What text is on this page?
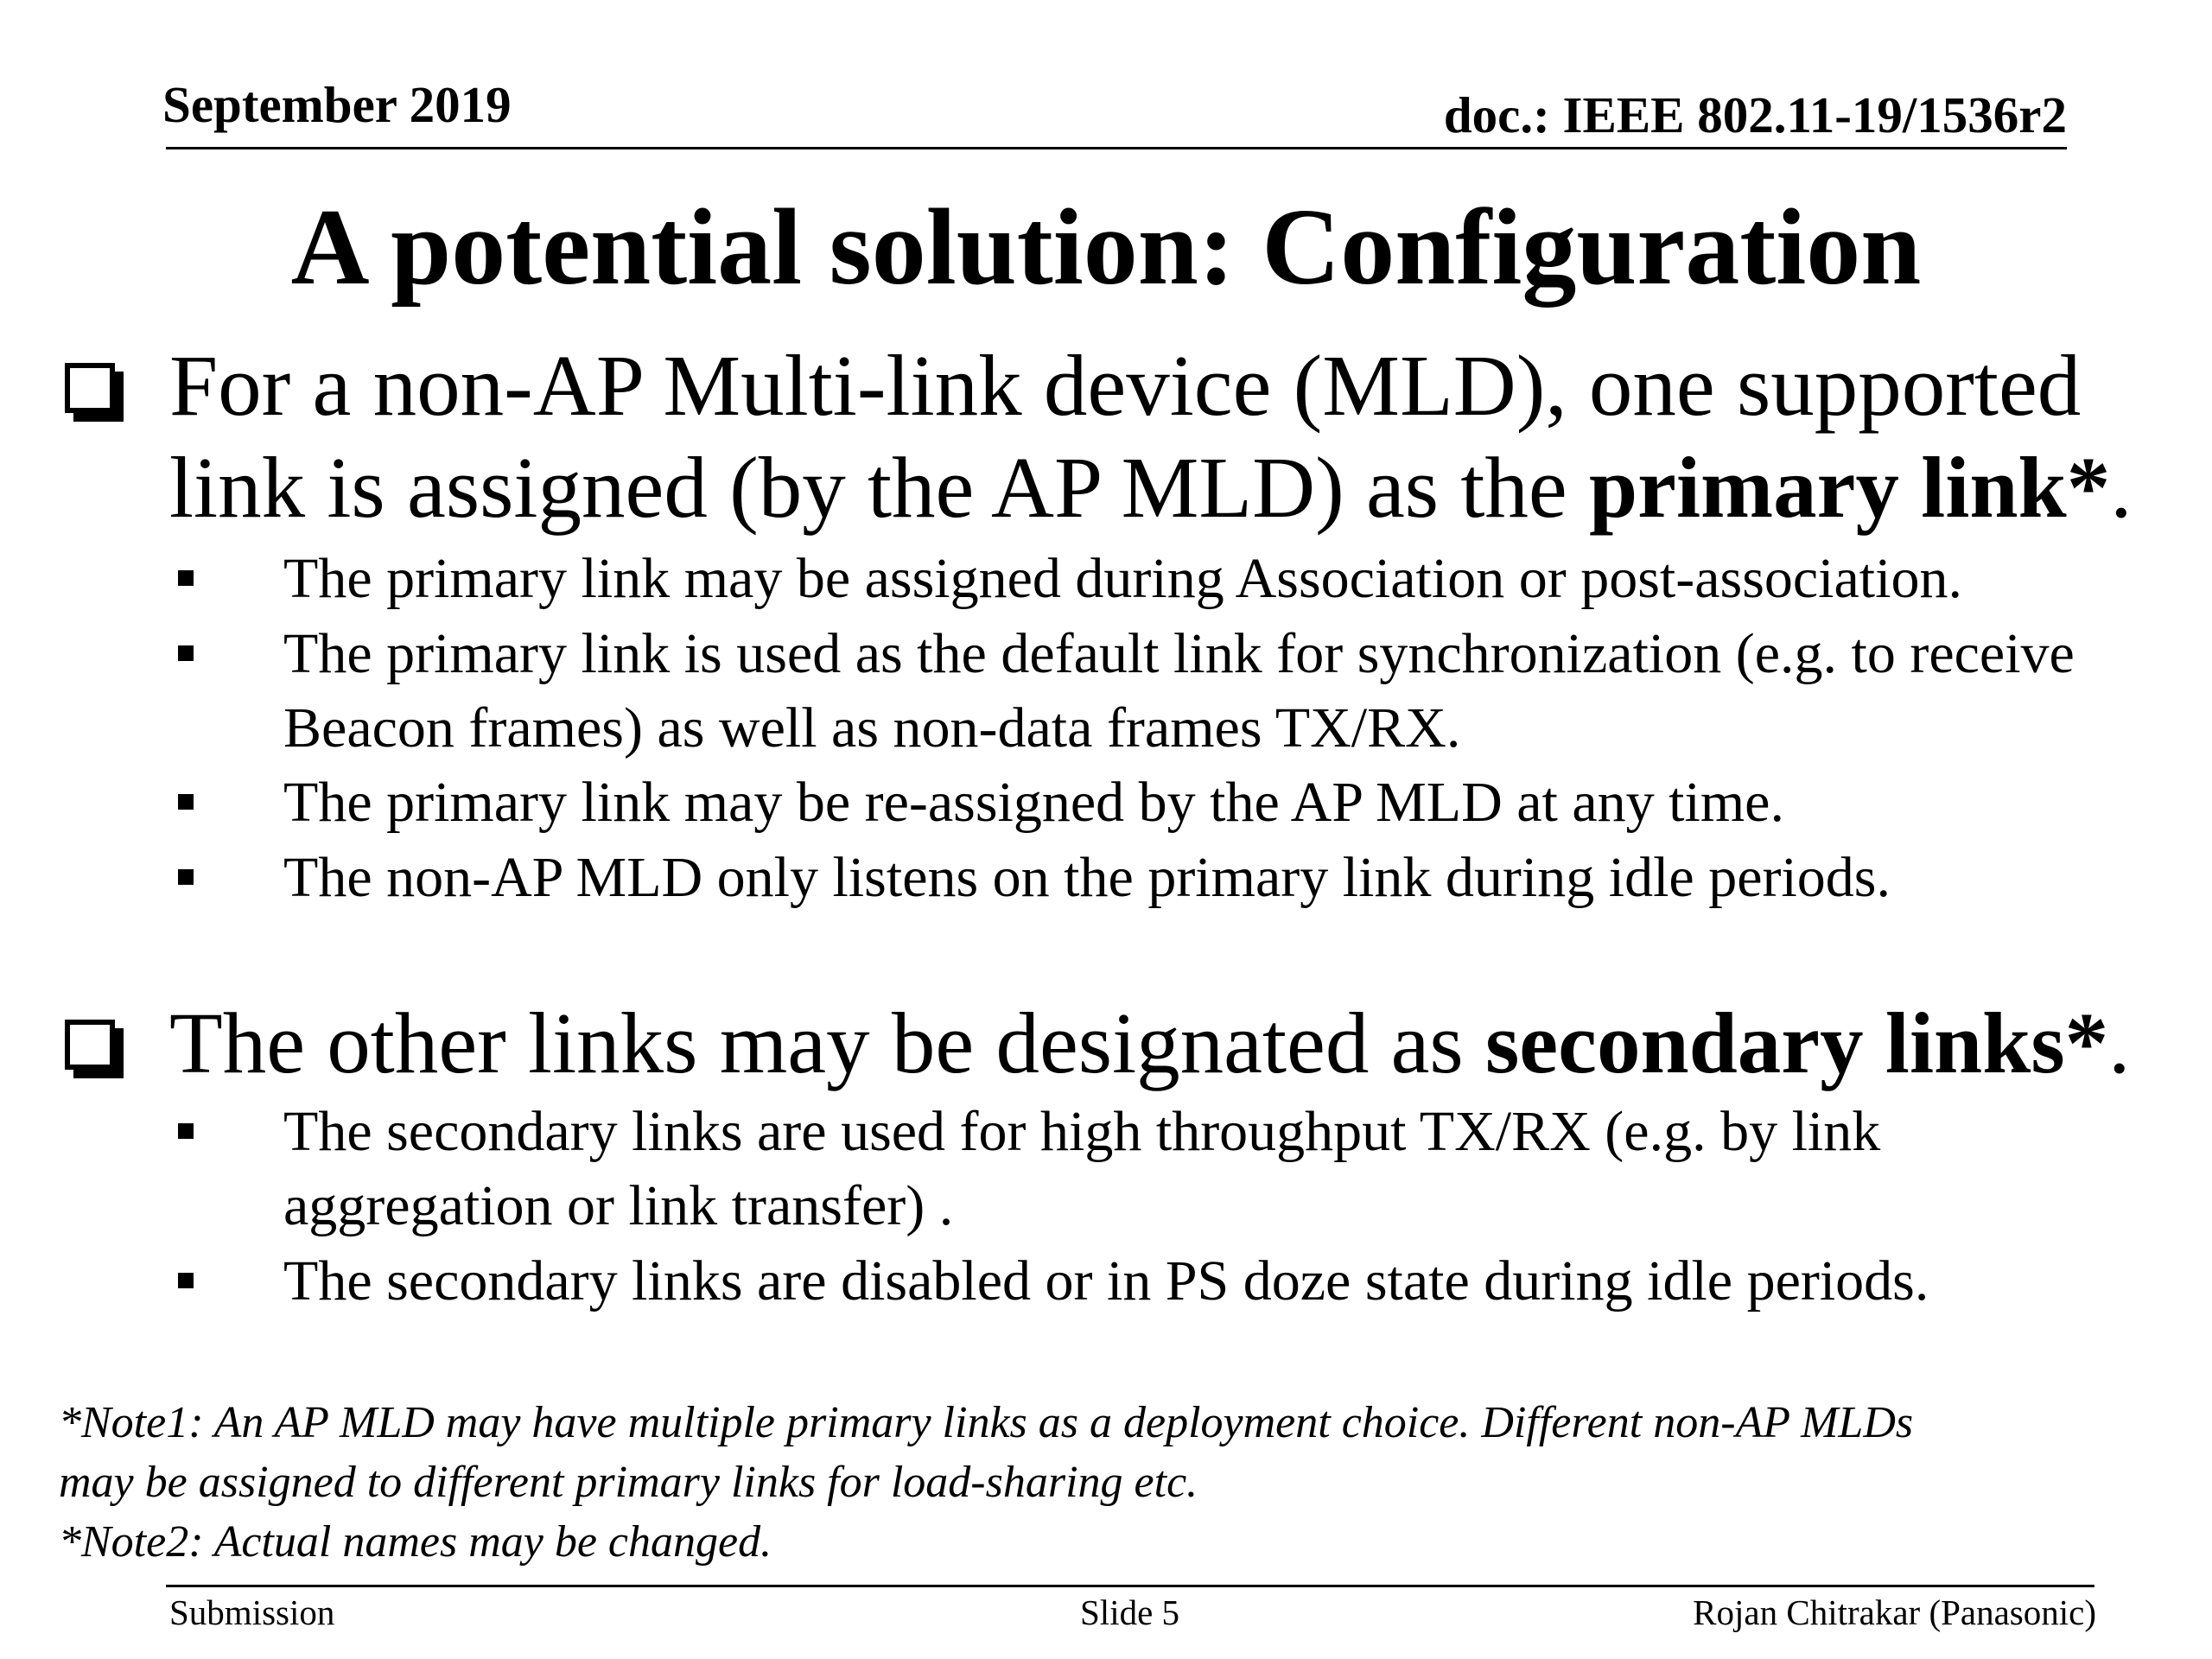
September 2019	doc.: IEEE 802.11-19/1536r2
A potential solution: Configuration
For a non-AP Multi-link device (MLD), one supported
link is assigned (by the AP MLD) as the primary link*.
The primary link may be assigned during Association or post-association.
The primary link is used as the default link for synchronization (e.g. to receive Beacon frames) as well as non-data frames TX/RX.
The primary link may be re-assigned by the AP MLD at any time.
The non-AP MLD only listens on the primary link during idle periods.
The other links may be designated as secondary links*.
The secondary links are used for high throughput TX/RX (e.g. by link aggregation or link transfer) .
The secondary links are disabled or in PS doze state during idle periods.
*Note1: An AP MLD may have multiple primary links as a deployment choice. Different non-AP MLDs
may be assigned to different primary links for load-sharing etc.
*Note2: Actual names may be changed.
Submission	Slide 5	Rojan Chitrakar (Panasonic)
